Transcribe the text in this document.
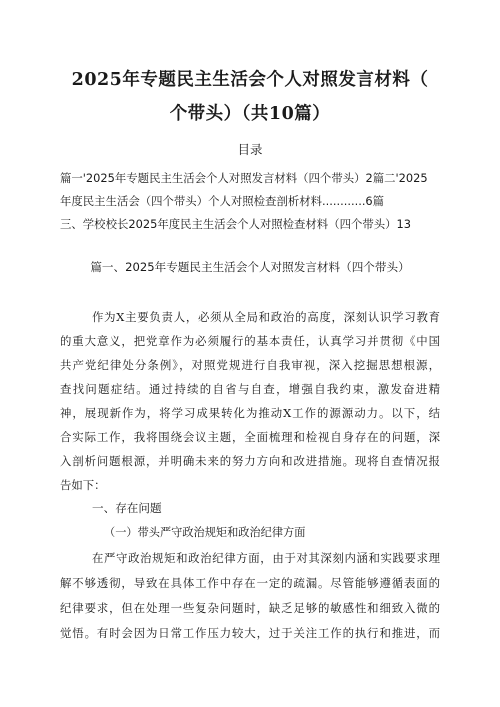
2025年专题民主生活会个人对照发言材料（
个带头）（共10篇）

目录

篇一'2025年专题民主生活会个人对照发言材料（四个带头）2篇二'2025

年度民主生活会（四个带头）个人对照检查剖析材料............6篇

三、学校校长2025年度民主生活会个人对照检查材料（四个带头）13

篇一、2025年专题民主生活会个人对照发言材料（四个带头）

作为X主要负责人，必须从全局和政治的高度，深刻认识学习教育

的重大意义，把党章作为必须履行的基本责任，认真学习并贯彻《中国

共产党纪律处分条例》，对照党规进行自我审视，深入挖掘思想根源，

查找问题症结。通过持续的自省与自查，增强自我约束，激发奋进精

神，展现新作为，将学习成果转化为推动X工作的源源动力。以下，结

合实际工作，我将围绕会议主题，全面梳理和检视自身存在的问题，深

入剖析问题根源，并明确未来的努力方向和改进措施。现将自查情况报

告如下：

一、存在问题

（一）带头严守政治规矩和政治纪律方面

在严守政治规矩和政治纪律方面，由于对其深刻内涵和实践要求理

解不够透彻，导致在具体工作中存在一定的疏漏。尽管能够遵循表面的

纪律要求，但在处理一些复杂问题时，缺乏足够的敏感性和细致入微的

觉悟。有时会因为日常工作压力较大，过于关注工作的执行和推进，而
